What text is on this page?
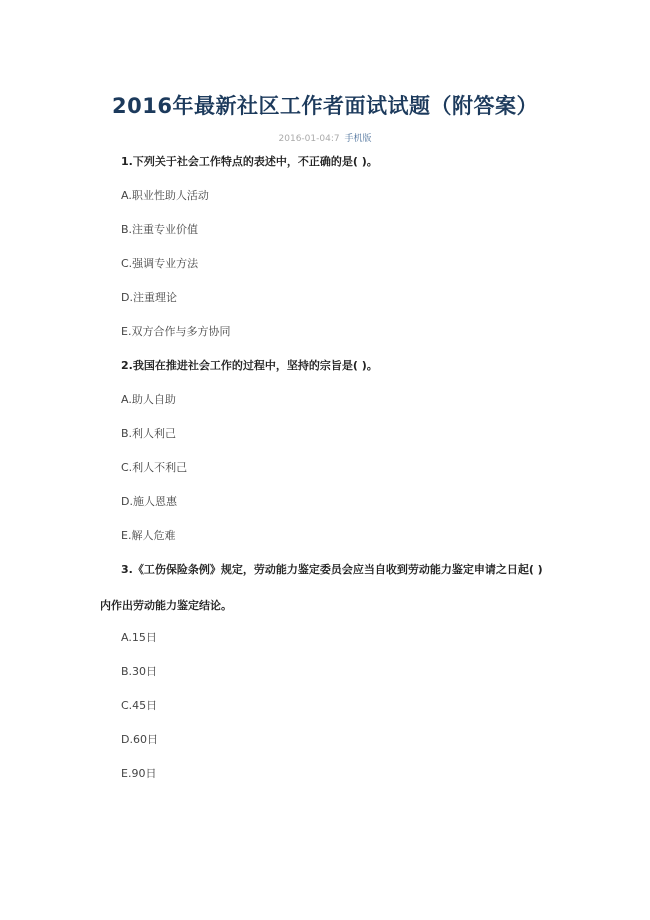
2016年最新社区工作者面试试题（附答案）
2016-01-04:7 手机版
1.下列关于社会工作特点的表述中，不正确的是( )。
A.职业性助人活动
B.注重专业价值
C.强调专业方法
D.注重理论
E.双方合作与多方协同
2.我国在推进社会工作的过程中，坚持的宗旨是( )。
A.助人自助
B.利人利己
C.利人不利己
D.施人恩惠
E.解人危难
3.《工伤保险条例》规定，劳动能力鉴定委员会应当自收到劳动能力鉴定申请之日起( )
内作出劳动能力鉴定结论。
A.15日
B.30日
C.45日
D.60日
E.90日
